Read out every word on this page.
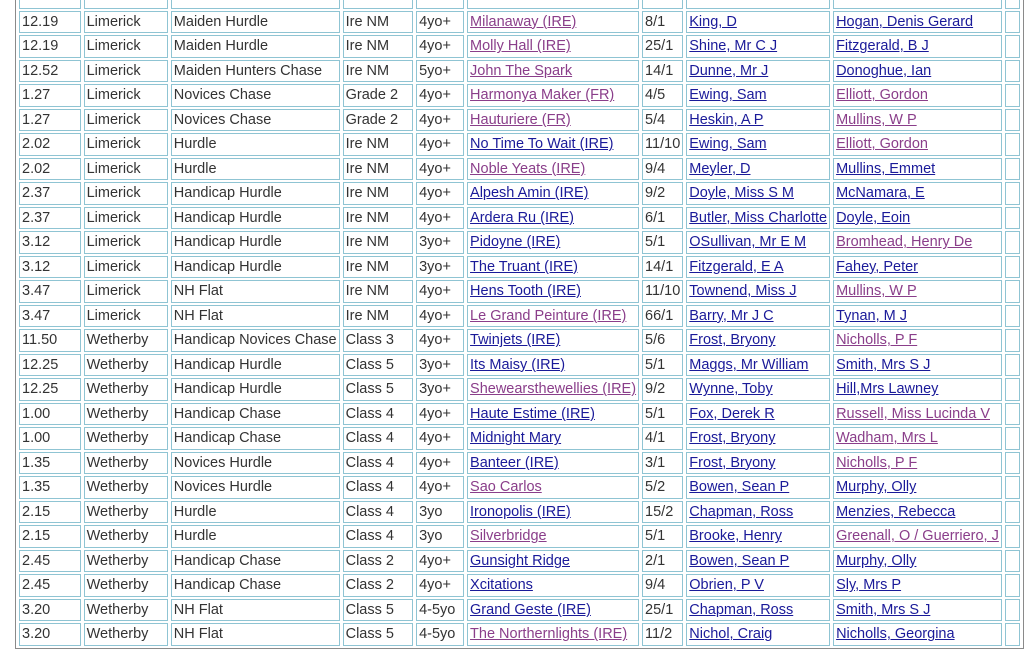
12.19	Limerick	Maiden Hurdle	Ire NM	4yo+	Milanaway (IRE)	8/1	King, D	Hogan, Denis Gerard	
12.19	Limerick	Maiden Hurdle	Ire NM	4yo+	Molly Hall (IRE)	25/1	Shine, Mr C J	Fitzgerald, B J	
12.52	Limerick	Maiden Hunters Chase	Ire NM	5yo+	John The Spark	14/1	Dunne, Mr J	Donoghue, Ian	
1.27	Limerick	Novices Chase	Grade 2	4yo+	Harmonya Maker (FR)	4/5	Ewing, Sam	Elliott, Gordon	
1.27	Limerick	Novices Chase	Grade 2	4yo+	Hauturiere (FR)	5/4	Heskin, A P	Mullins, W P	
2.02	Limerick	Hurdle	Ire NM	4yo+	No Time To Wait (IRE)	11/10	Ewing, Sam	Elliott, Gordon	
2.02	Limerick	Hurdle	Ire NM	4yo+	Noble Yeats (IRE)	9/4	Meyler, D	Mullins, Emmet	
2.37	Limerick	Handicap Hurdle	Ire NM	4yo+	Alpesh Amin (IRE)	9/2	Doyle, Miss S M	McNamara, E	
2.37	Limerick	Handicap Hurdle	Ire NM	4yo+	Ardera Ru (IRE)	6/1	Butler, Miss Charlotte	Doyle, Eoin	
3.12	Limerick	Handicap Hurdle	Ire NM	3yo+	Pidoyne (IRE)	5/1	OSullivan, Mr E M	Bromhead, Henry De	
3.12	Limerick	Handicap Hurdle	Ire NM	3yo+	The Truant (IRE)	14/1	Fitzgerald, E A	Fahey, Peter	
3.47	Limerick	NH Flat	Ire NM	4yo+	Hens Tooth (IRE)	11/10	Townend, Miss J	Mullins, W P	
3.47	Limerick	NH Flat	Ire NM	4yo+	Le Grand Peinture (IRE)	66/1	Barry, Mr J C	Tynan, M J	
11.50	Wetherby	Handicap Novices Chase	Class 3	4yo+	Twinjets (IRE)	5/6	Frost, Bryony	Nicholls, P F	
12.25	Wetherby	Handicap Hurdle	Class 5	3yo+	Its Maisy (IRE)	5/1	Maggs, Mr William	Smith, Mrs S J	
12.25	Wetherby	Handicap Hurdle	Class 5	3yo+	Shewearsthewellies (IRE)	9/2	Wynne, Toby	Hill,Mrs Lawney	
1.00	Wetherby	Handicap Chase	Class 4	4yo+	Haute Estime (IRE)	5/1	Fox, Derek R	Russell, Miss Lucinda V	
1.00	Wetherby	Handicap Chase	Class 4	4yo+	Midnight Mary	4/1	Frost, Bryony	Wadham, Mrs L	
1.35	Wetherby	Novices Hurdle	Class 4	4yo+	Banteer (IRE)	3/1	Frost, Bryony	Nicholls, P F	
1.35	Wetherby	Novices Hurdle	Class 4	4yo+	Sao Carlos	5/2	Bowen, Sean P	Murphy, Olly	
2.15	Wetherby	Hurdle	Class 4	3yo	Ironopolis (IRE)	15/2	Chapman, Ross	Menzies, Rebecca	
2.15	Wetherby	Hurdle	Class 4	3yo	Silverbridge	5/1	Brooke, Henry	Greenall, O / Guerriero, J	
2.45	Wetherby	Handicap Chase	Class 2	4yo+	Gunsight Ridge	2/1	Bowen, Sean P	Murphy, Olly	
2.45	Wetherby	Handicap Chase	Class 2	4yo+	Xcitations	9/4	Obrien, P V	Sly, Mrs P	
3.20	Wetherby	NH Flat	Class 5	4-5yo	Grand Geste (IRE)	25/1	Chapman, Ross	Smith, Mrs S J	
3.20	Wetherby	NH Flat	Class 5	4-5yo	The Northernlights (IRE)	11/2	Nichol, Craig	Nicholls, Georgina	
